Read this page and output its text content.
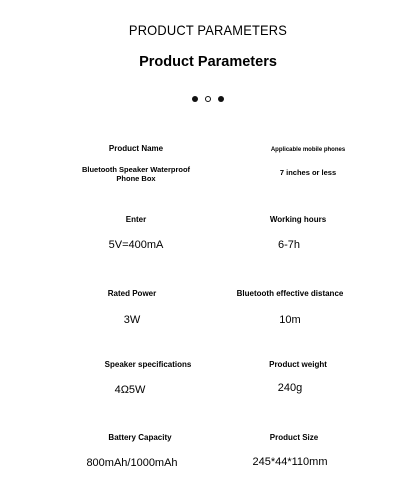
PRODUCT PARAMETERS
Product Parameters
Product Name
Bluetooth Speaker Waterproof Phone Box
Applicable mobile phones
7 inches or less
Enter
5V=400mA
Working hours
6-7h
Rated Power
3W
Bluetooth effective distance
10m
Speaker specifications
4Ω5W
Product weight
240g
Battery Capacity
800mAh/1000mAh
Product Size
245*44*110mm
